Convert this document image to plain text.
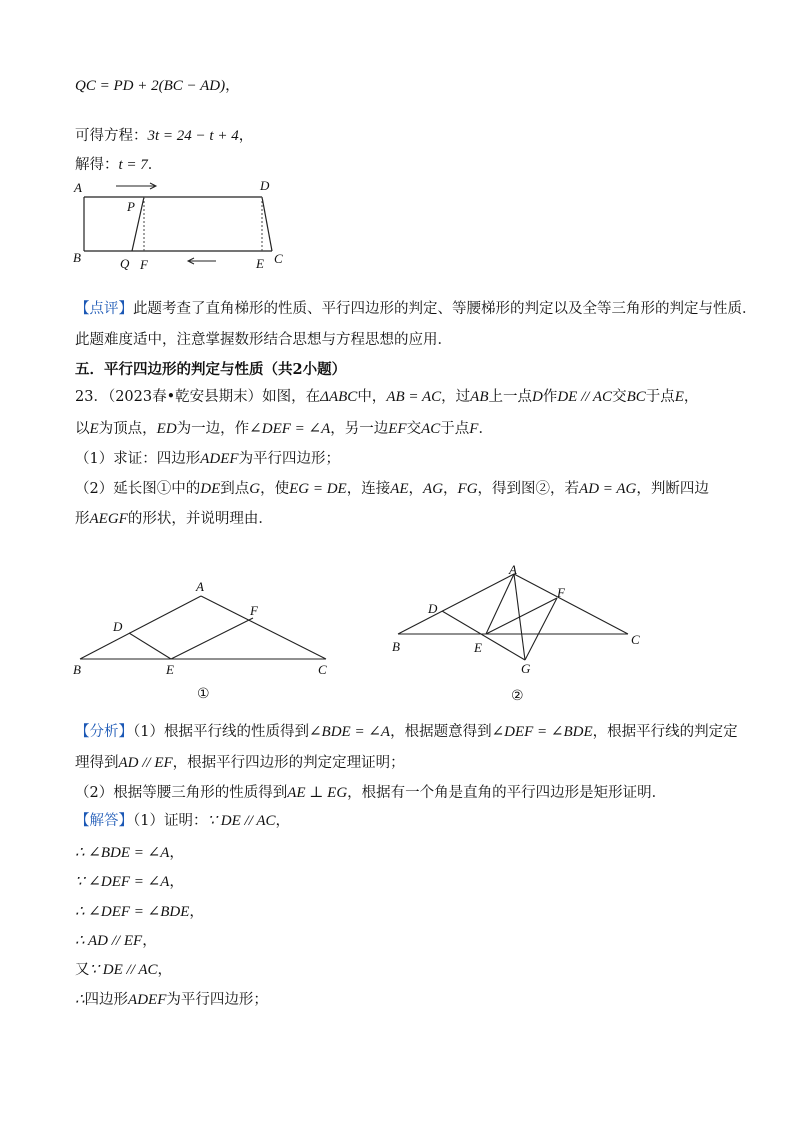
QC = PD + 2(BC − AD)，
可得方程：3t = 24 − t + 4，
解得：t = 7．
A	D
P
B	Q F	E C
【点评】此题考查了直角梯形的性质、平行四边形的判定、等腰梯形的判定以及全等三角形的判定与性质．
此题难度适中，注意掌握数形结合思想与方程思想的应用．
五．平行四边形的判定与性质（共2小题）
23．（2023春•乾安县期末）如图，在ΔABC中，AB = AC，过AB上一点D作DE // AC交BC于点E，
以E为顶点，ED为一边，作∠DEF = ∠A，另一边EF交AC于点F．
（1）求证：四边形ADEF为平行四边形；
（2）延长图①中的DE到点G，使EG = DE，连接AE，AG，FG，得到图②，若AD = AG，判断四边
形AEGF的形状，并说明理由．
A
D
F
B	E	C
①
A
D
F
B	E
C
G
②
【分析】（1）根据平行线的性质得到∠BDE = ∠A，根据题意得到∠DEF = ∠BDE，根据平行线的判定定
理得到AD // EF，根据平行四边形的判定定理证明；
（2）根据等腰三角形的性质得到AE ⊥ EG，根据有一个角是直角的平行四边形是矩形证明．
【解答】（1）证明：∵ DE // AC，
∴ ∠BDE = ∠A，
∵ ∠DEF = ∠A，
∴ ∠DEF = ∠BDE，
∴ AD // EF，
又∵ DE // AC，
∴四边形ADEF为平行四边形；
